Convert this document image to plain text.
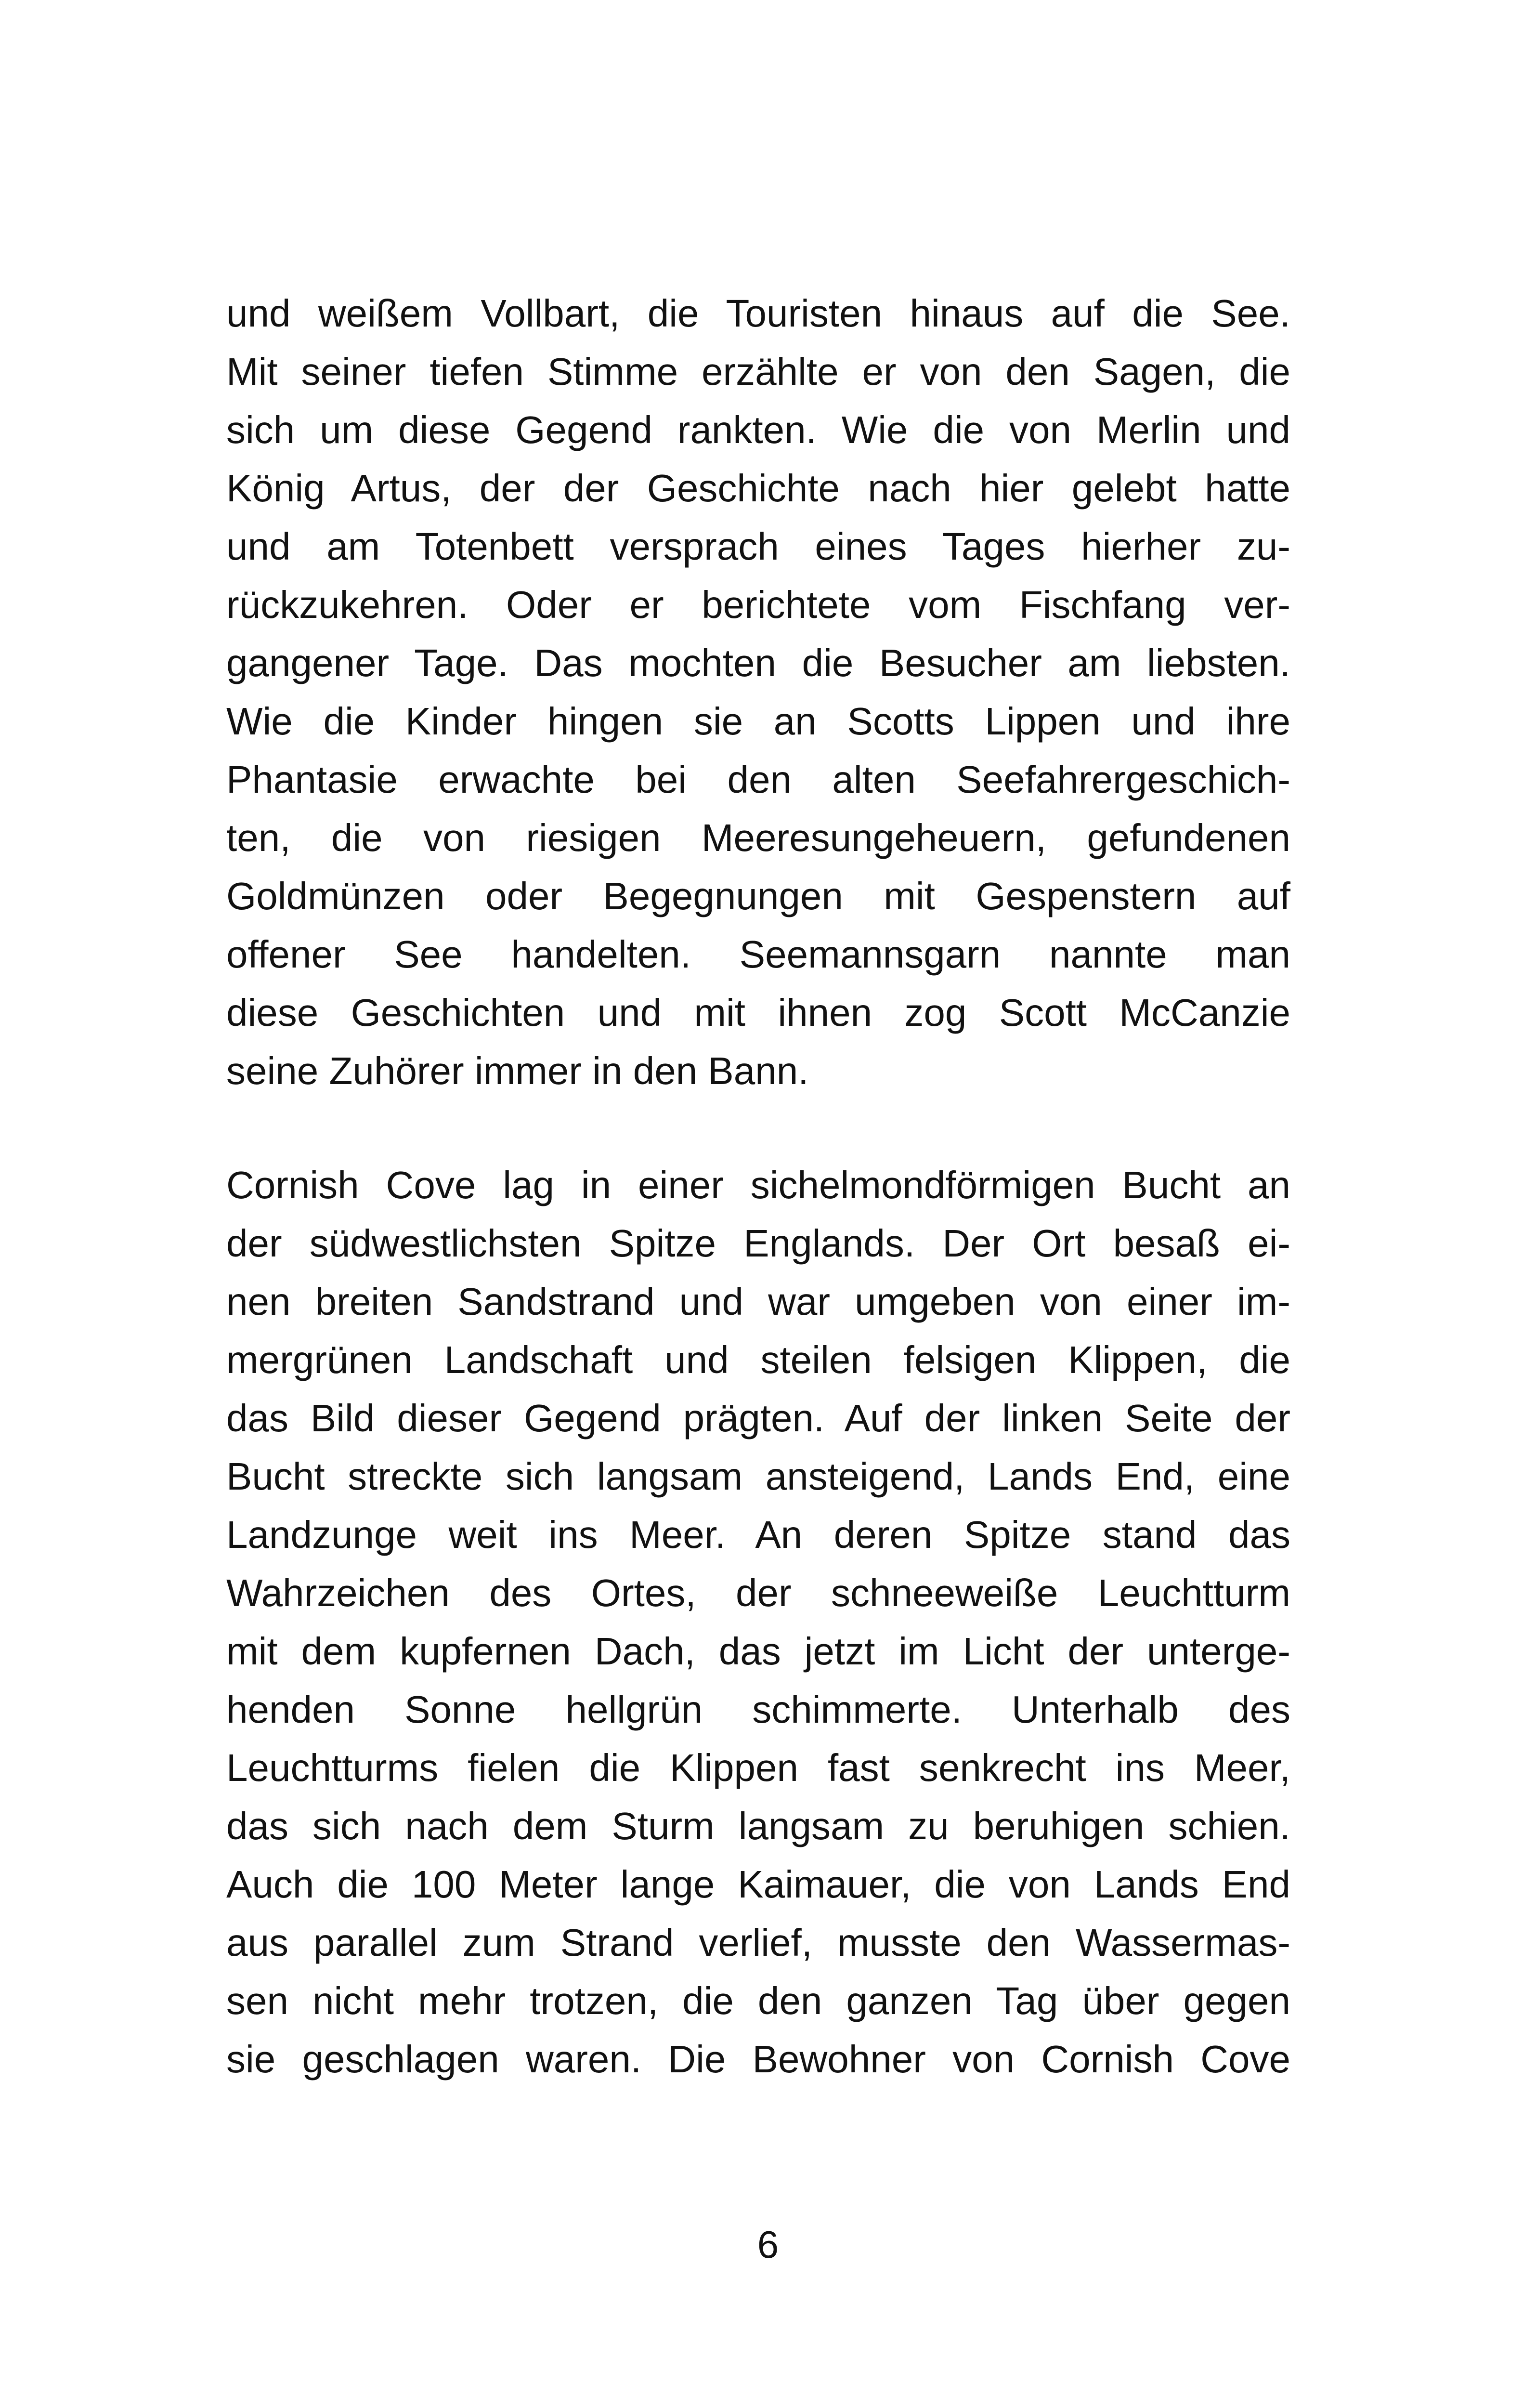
und weißem Vollbart, die Touristen hinaus auf die See.
Mit seiner tiefen Stimme erzählte er von den Sagen, die
sich um diese Gegend rankten. Wie die von Merlin und
König Artus, der der Geschichte nach hier gelebt hatte
und am Totenbett versprach eines Tages hierher zu-
rückzukehren. Oder er berichtete vom Fischfang ver-
gangener Tage. Das mochten die Besucher am liebsten.
Wie die Kinder hingen sie an Scotts Lippen und ihre
Phantasie erwachte bei den alten Seefahrergeschich-
ten, die von riesigen Meeresungeheuern, gefundenen
Goldmünzen oder Begegnungen mit Gespenstern auf
offener See handelten. Seemannsgarn nannte man
diese Geschichten und mit ihnen zog Scott McCanzie
seine Zuhörer immer in den Bann.
Cornish Cove lag in einer sichelmondförmigen Bucht an
der südwestlichsten Spitze Englands. Der Ort besaß ei-
nen breiten Sandstrand und war umgeben von einer im-
mergrünen Landschaft und steilen felsigen Klippen, die
das Bild dieser Gegend prägten. Auf der linken Seite der
Bucht streckte sich langsam ansteigend, Lands End, eine
Landzunge weit ins Meer. An deren Spitze stand das
Wahrzeichen des Ortes, der schneeweiße Leuchtturm
mit dem kupfernen Dach, das jetzt im Licht der unterge-
henden Sonne hellgrün schimmerte. Unterhalb des
Leuchtturms fielen die Klippen fast senkrecht ins Meer,
das sich nach dem Sturm langsam zu beruhigen schien.
Auch die 100 Meter lange Kaimauer, die von Lands End
aus parallel zum Strand verlief, musste den Wassermas-
sen nicht mehr trotzen, die den ganzen Tag über gegen
sie geschlagen waren. Die Bewohner von Cornish Cove
6
